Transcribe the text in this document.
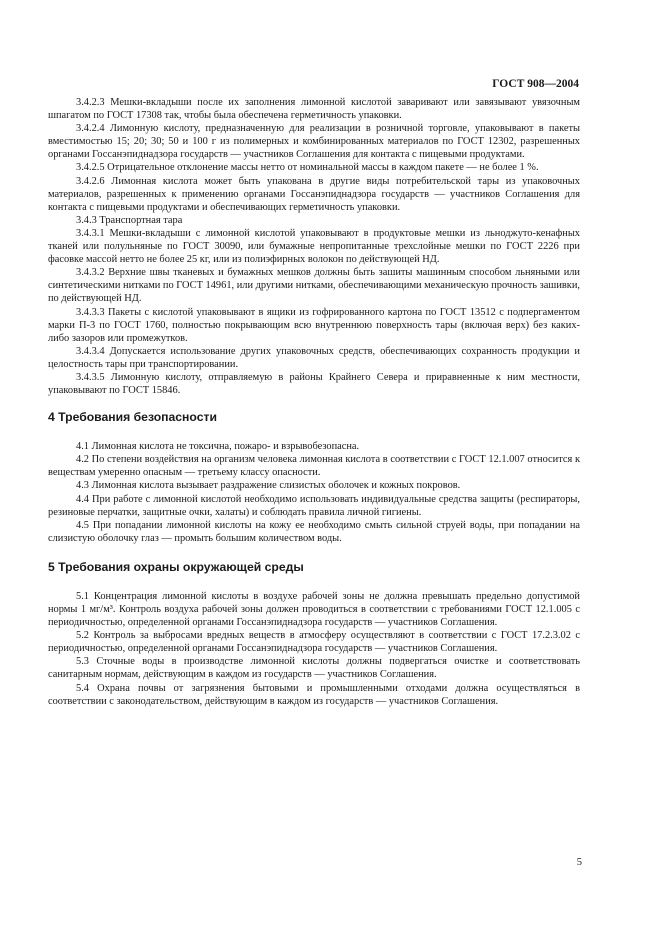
ГОСТ 908—2004

3.4.2.3 Мешки-вкладыши после их заполнения лимонной кислотой заваривают или завязывают увязочным шпагатом по ГОСТ 17308 так, чтобы была обеспечена герметичность упаковки.

3.4.2.4 Лимонную кислоту, предназначенную для реализации в розничной торговле, упаковывают в пакеты вместимостью 15; 20; 30; 50 и 100 г из полимерных и комбинированных материалов по ГОСТ 12302, разрешенных органами Госсанэпиднадзора государств — участников Соглашения для контакта с пищевыми продуктами.

3.4.2.5 Отрицательное отклонение массы нетто от номинальной массы в каждом пакете — не более 1 %.

3.4.2.6 Лимонная кислота может быть упакована в другие виды потребительской тары из упаковочных материалов, разрешенных к применению органами Госсанэпиднадзора государств — участников Соглашения для контакта с пищевыми продуктами и обеспечивающих герметичность упаковки.

3.4.3 Транспортная тара

3.4.3.1 Мешки-вкладыши с лимонной кислотой упаковывают в продуктовые мешки из льноджуто-кенафных тканей или полульняные по ГОСТ 30090, или бумажные непропитанные трехслойные мешки по ГОСТ 2226 при фасовке массой нетто не более 25 кг, или из полиэфирных волокон по действующей НД.

3.4.3.2 Верхние швы тканевых и бумажных мешков должны быть зашиты машинным способом льняными или синтетическими нитками по ГОСТ 14961, или другими нитками, обеспечивающими механическую прочность зашивки, по действующей НД.

3.4.3.3 Пакеты с кислотой упаковывают в ящики из гофрированного картона по ГОСТ 13512 с подпергаментом марки П-3 по ГОСТ 1760, полностью покрывающим всю внутреннюю поверхность тары (включая верх) без каких-либо зазоров или промежутков.

3.4.3.4 Допускается использование других упаковочных средств, обеспечивающих сохранность продукции и целостность тары при транспортировании.

3.4.3.5 Лимонную кислоту, отправляемую в районы Крайнего Севера и приравненные к ним местности, упаковывают по ГОСТ 15846.

4 Требования безопасности

4.1 Лимонная кислота не токсична, пожаро- и взрывобезопасна.

4.2 По степени воздействия на организм человека лимонная кислота в соответствии с ГОСТ 12.1.007 относится к веществам умеренно опасным — третьему классу опасности.

4.3 Лимонная кислота вызывает раздражение слизистых оболочек и кожных покровов.

4.4 При работе с лимонной кислотой необходимо использовать индивидуальные средства защиты (респираторы, резиновые перчатки, защитные очки, халаты) и соблюдать правила личной гигиены.

4.5 При попадании лимонной кислоты на кожу ее необходимо смыть сильной струей воды, при попадании на слизистую оболочку глаз — промыть большим количеством воды.

5 Требования охраны окружающей среды

5.1 Концентрация лимонной кислоты в воздухе рабочей зоны не должна превышать предельно допустимой нормы 1 мг/м³. Контроль воздуха рабочей зоны должен проводиться в соответствии с требованиями ГОСТ 12.1.005 с периодичностью, определенной органами Госсанэпиднадзора государств — участников Соглашения.

5.2 Контроль за выбросами вредных веществ в атмосферу осуществляют в соответствии с ГОСТ 17.2.3.02 с периодичностью, определенной органами Госсанэпиднадзора государств — участников Соглашения.

5.3 Сточные воды в производстве лимонной кислоты должны подвергаться очистке и соответствовать санитарным нормам, действующим в каждом из государств — участников Соглашения.

5.4 Охрана почвы от загрязнения бытовыми и промышленными отходами должна осуществляться в соответствии с законодательством, действующим в каждом из государств — участников Соглашения.

5
